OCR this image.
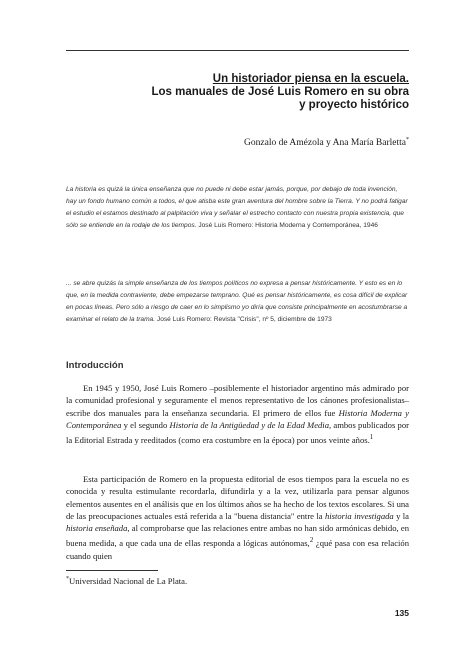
Un historiador piensa en la escuela.
Los manuales de José Luis Romero en su obra
y proyecto histórico
Gonzalo de Amézola y Ana María Barletta*
La historia es quizá la única enseñanza que no puede ni debe estar jamás, porque, por debajo de toda invención, hay un fondo humano común a todos, el que atisba este gran aventura del hombre sobre la Tierra. Y no podrá fatigar el estudio el estamos destinado al palpitación viva y señalar el estrecho contacto con nuestra propia existencia, que sólo se entiende en la rodaje de los tiempos. José Luis Romero: Historia Moderna y Contemporánea, 1946
... se abre quizás la simple enseñanza de los tiempos políticos no expresa a pensar históricamente. Y esto es en lo que, en la medida contraviente, debe empezarse temprano. Qué es pensar históricamente, es cosa difícil de explicar en pocas líneas. Pero sólo a riesgo de caer en lo simplismo yo diría que consiste principalmente en acostumbrarse a examinar el relato de la trama. José Luis Romero: Revista "Crisis", nº 5, diciembre de 1973
Introducción

En 1945 y 1950, José Luis Romero –posiblemente el historiador argentino más admirado por la comunidad profesional y seguramente el menos representativo de los cánones profesionalistas– escribe dos manuales para la enseñanza secundaria. El primero de ellos fue Historia Moderna y Contemporánea y el segundo Historia de la Antigüedad y de la Edad Media, ambos publicados por la Editorial Estrada y reeditados (como era costumbre en la época) por unos veinte años.$^1$

Esta participación de Romero en la propuesta editorial de esos tiempos para la escuela no es conocida y resulta estimulante recordarla, difundirla y a la vez, utilizarla para pensar algunos elementos ausentes en el análisis que en los últimos años se ha hecho de los textos escolares. Si una de las preocupaciones actuales está referida a la "buena distancia" entre la historia investigada y la historia enseñada, al comprobarse que las relaciones entre ambas no han sido armónicas debido, en buena medida, a que cada una de ellas responda a lógicas autónomas,$^2$ ¿qué pasa con esa relación cuando quien

*Universidad Nacional de La Plata.
135
